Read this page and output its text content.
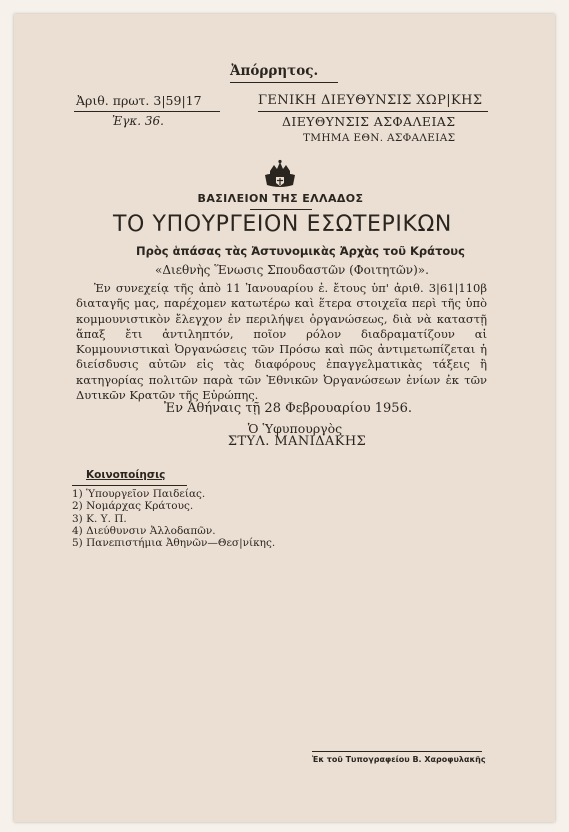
Ἀπόρρητος.
Ἀριθ. πρωτ. 3|59|17
Ἐγκ. 36.
ΓΕΝΙΚΗ ΔΙΕΥΘΥΝΣΙΣ ΧΩΡ|ΚΗΣ
ΔΙΕΥΘΥΝΣΙΣ ΑΣΦΑΛΕΙΑΣ
ΤΜΗΜΑ ΕΘΝ. ΑΣΦΑΛΕΙΑΣ
ΒΑΣΙΛΕΙΟΝ ΤΗΣ ΕΛΛΑΔΟΣ
ΤΟ ΥΠΟΥΡΓΕΙΟΝ ΕΣΩΤΕΡΙΚΩΝ
Πρὸς ἁπάσας τὰς Ἀστυνομικὰς Ἀρχὰς τοῦ Κράτους
«Διεθνὴς Ἕνωσις Σπουδαστῶν (Φοιτητῶν)».
Ἐν συνεχείᾳ τῆς ἀπὸ 11 Ἰανουαρίου ἐ. ἔτους ὑπ' ἀριθ. 3|61|110β διαταγῆς μας, παρέχομεν κατωτέρω καὶ ἕτερα στοιχεῖα περὶ τῆς ὑπὸ κομμουνιστικὸν ἔλεγχον ἐν περιλήψει ὀργανώσεως, διὰ νὰ καταστῇ ἅπαξ ἔτι ἀντιληπτόν, ποῖον ρόλον διαδραματίζουν αἱ Κομμουνιστικαὶ Ὀργανώσεις τῶν Πρόσω καὶ πῶς ἀντιμετωπίζεται ἡ διείσδυσις αὐτῶν εἰς τὰς διαφόρους ἐπαγγελματικὰς τάξεις ἢ κατηγορίας πολιτῶν παρὰ τῶν Ἐθνικῶν Ὀργανώσεων ἐνίων ἐκ τῶν Δυτικῶν Κρατῶν τῆς Εὐρώπης.
Ἐν Ἀθήναις τῇ 28 Φεβρουαρίου 1956.
Ὁ Ὑφυπουργὸς
ΣΤΥΛ. ΜΑΝΙΔΑΚΗΣ
Κοινοποίησις
1) Ὑπουργεῖον Παιδείας.
2) Νομάρχας Κράτους.
3) Κ. Υ. Π.
4) Διεύθυνσιν Ἀλλοδαπῶν.
5) Πανεπιστήμια Ἀθηνῶν—Θεσ|νίκης.
Ἐκ τοῦ Τυπογραφείου Β. Χαροφυλακῆς
